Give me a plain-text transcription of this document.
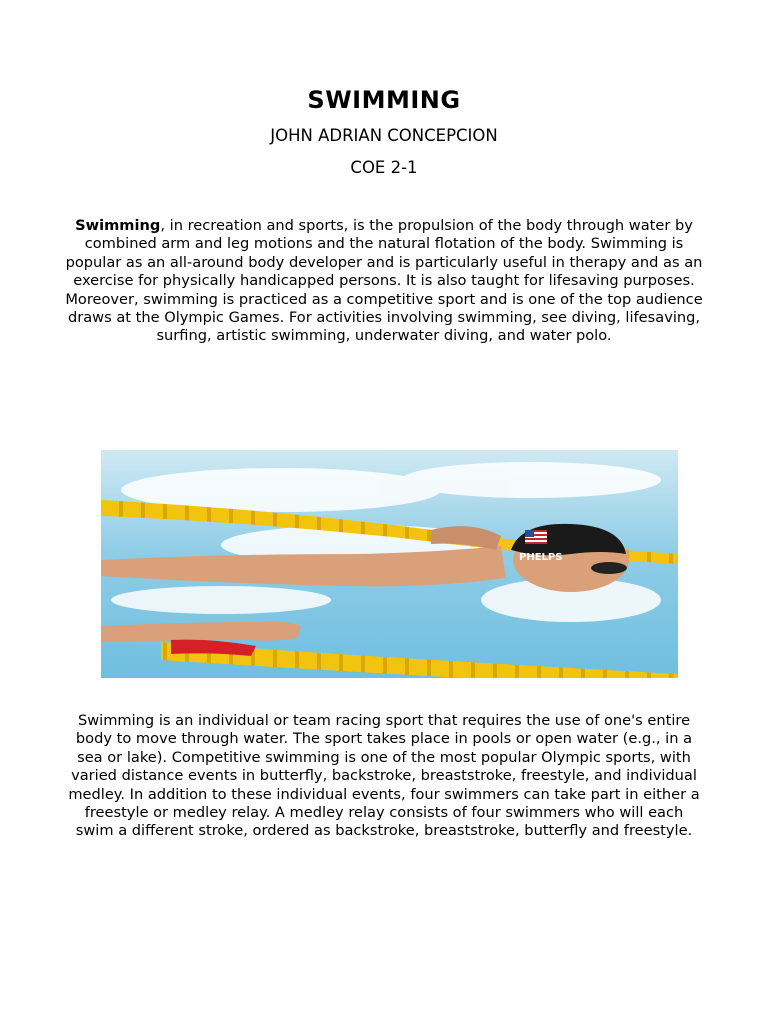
SWIMMING
JOHN ADRIAN CONCEPCION
COE 2-1
Swimming, in recreation and sports, is the propulsion of the body through water by combined arm and leg motions and the natural flotation of the body. Swimming is popular as an all-around body developer and is particularly useful in therapy and as an exercise for physically handicapped persons. It is also taught for lifesaving purposes. Moreover, swimming is practiced as a competitive sport and is one of the top audience draws at the Olympic Games. For activities involving swimming, see diving, lifesaving, surfing, artistic swimming, underwater diving, and water polo.
PHELPS
Swimming is an individual or team racing sport that requires the use of one's entire body to move through water. The sport takes place in pools or open water (e.g., in a sea or lake). Competitive swimming is one of the most popular Olympic sports, with varied distance events in butterfly, backstroke, breaststroke, freestyle, and individual medley. In addition to these individual events, four swimmers can take part in either a freestyle or medley relay. A medley relay consists of four swimmers who will each swim a different stroke, ordered as backstroke, breaststroke, butterfly and freestyle.
